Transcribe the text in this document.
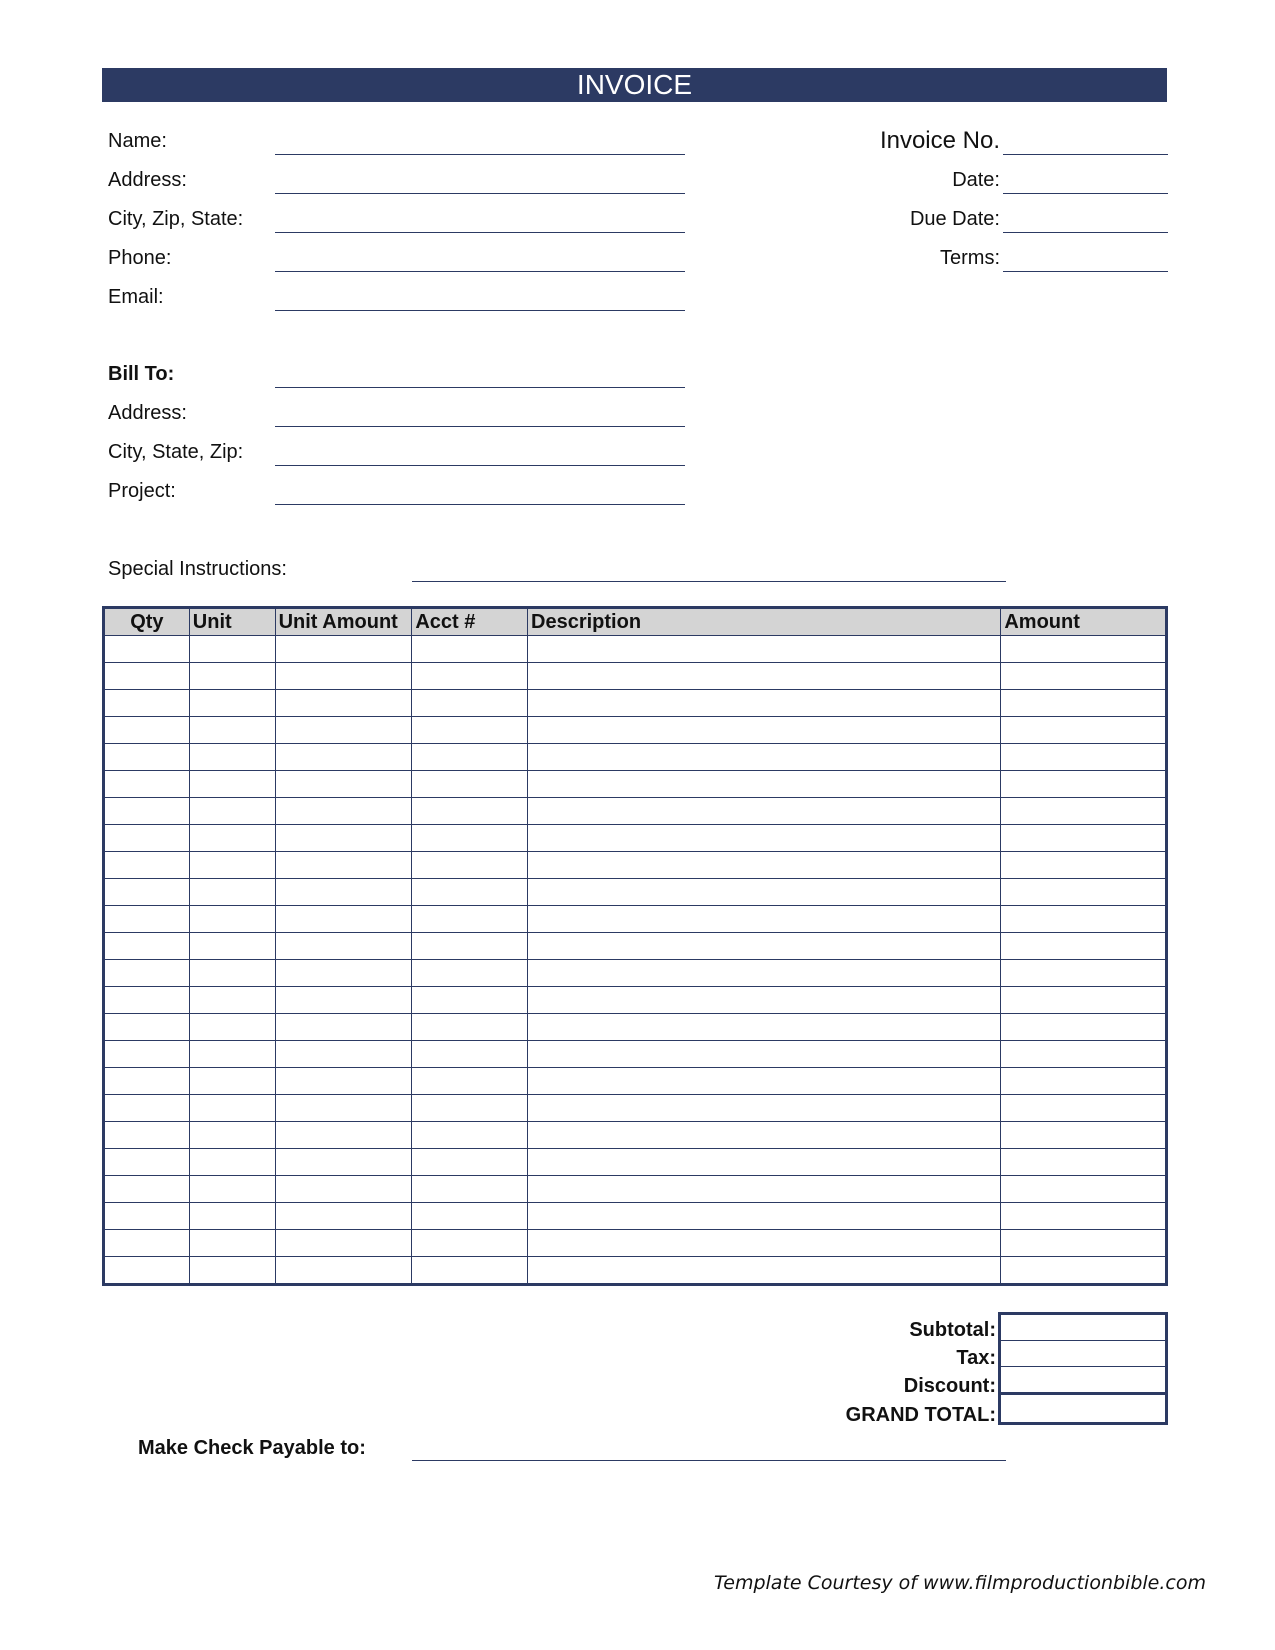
INVOICE
Name:
Address:
City, Zip, State:
Phone:
Email:
Invoice No.
Date:
Due Date:
Terms:
Bill To:
Address:
City, State, Zip:
Project:
Special Instructions:
Qty	Unit	Unit Amount	Acct #	Description	Amount

Subtotal:
Tax:
Discount:
GRAND TOTAL:

Make Check Payable to:
Template Courtesy of www.filmproductionbible.com
